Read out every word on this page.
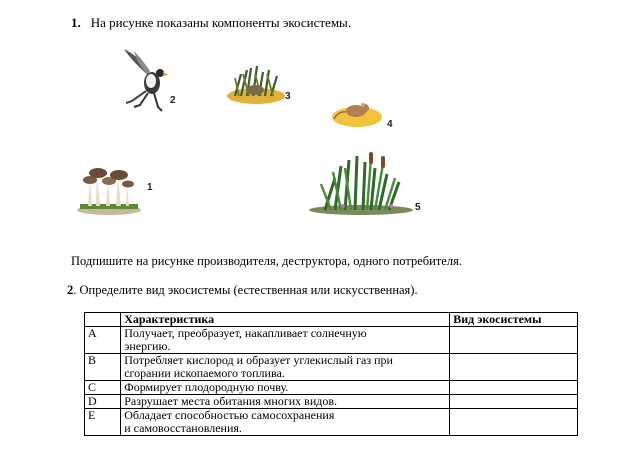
1. На рисунке показаны компоненты экосистемы.
2	3
4
1
5
Подпишите на рисунке производителя, деструктора, одного потребителя.
2. Определите вид экосистемы (естественная или искусственная).
	Характеристика	Вид экосистемы
A	Получает, преобразует, накапливает солнечную
энергию.	

B	Потребляет кислород и образует углекислый газ при
сгорании ископаемого топлива.	

C	Формирует плодородную почву.	

D	Разрушает места обитания многих видов.	

E	Обладает способностью самосохранения
и самовосстановления.	
